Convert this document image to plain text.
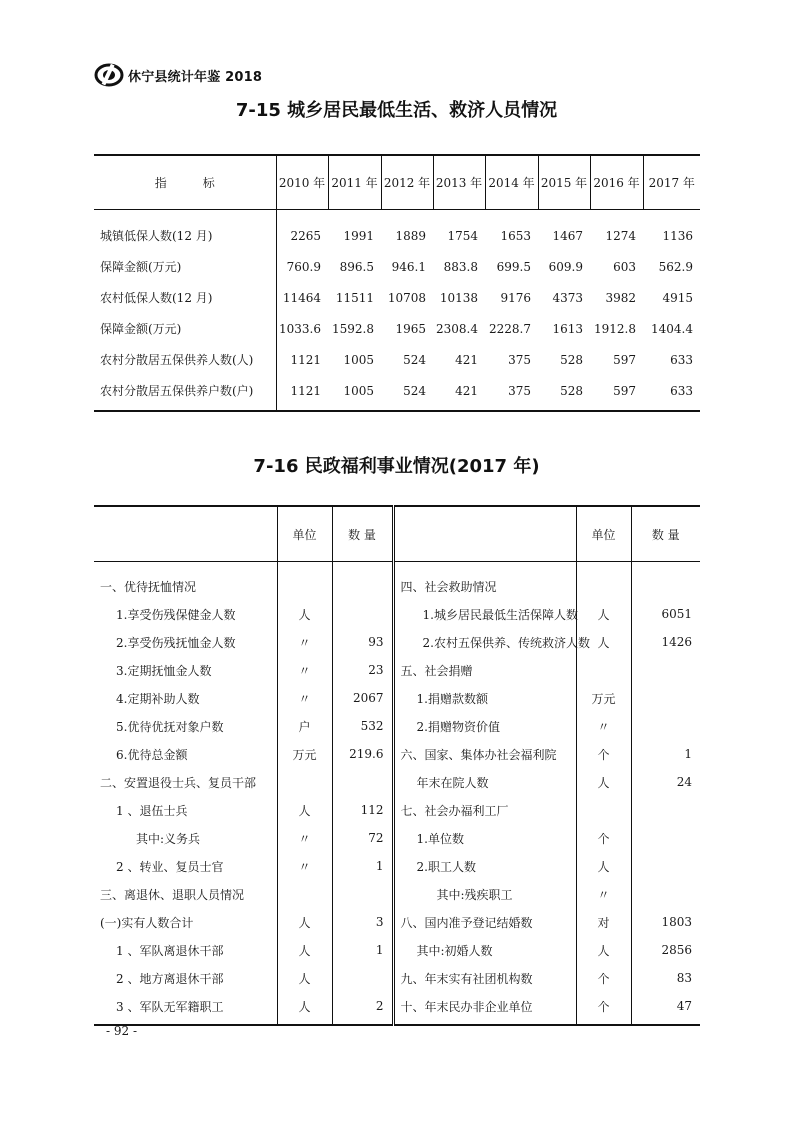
休宁县统计年鉴 2018
7-15 城乡居民最低生活、救济人员情况
指　　　标	2010 年	2011 年	2012 年	2013 年	2014 年	2015 年	2016 年	2017 年
城镇低保人数(12 月)	2265	1991	1889	1754	1653	1467	1274	1136
保障金额(万元)	760.9	896.5	946.1	883.8	699.5	609.9	603	562.9
农村低保人数(12 月)	11464	11511	10708	10138	9176	4373	3982	4915
保障金额(万元)	1033.6	1592.8	1965	2308.4	2228.7	1613	1912.8	1404.4
农村分散居五保供养人数(人)	1121	1005	524	421	375	528	597	633
农村分散居五保供养户数(户)	1121	1005	524	421	375	528	597	633
7-16 民政福利事业情况(2017 年)
	单位	数 量		单位	数 量
一、优待抚恤情况			四、社会救助情况		
1.享受伤残保健金人数	人		1.城乡居民最低生活保障人数	人	6051
2.享受伤残抚恤金人数	〃	93	2.农村五保供养、传统救济人数	人	1426
3.定期抚恤金人数	〃	23	五、社会捐赠		
4.定期补助人数	〃	2067	1.捐赠款数额	万元	
5.优待优抚对象户数	户	532	2.捐赠物资价值	〃	
6.优待总金额	万元	219.6	六、国家、集体办社会福利院	个	1
二、安置退役士兵、复员干部			年末在院人数	人	24
1 、退伍士兵	人	112	七、社会办福利工厂		
其中:义务兵	〃	72	1.单位数	个	
2 、转业、复员士官	〃	1	2.职工人数	人	
三、离退休、退职人员情况			其中:残疾职工	〃	
(一)实有人数合计	人	3	八、国内准予登记结婚数	对	1803
1 、军队离退休干部	人	1	其中:初婚人数	人	2856
2 、地方离退休干部	人		九、年末实有社团机构数	个	83
3 、军队无军籍职工	人	2	十、年末民办非企业单位	个	47
- 92 -
